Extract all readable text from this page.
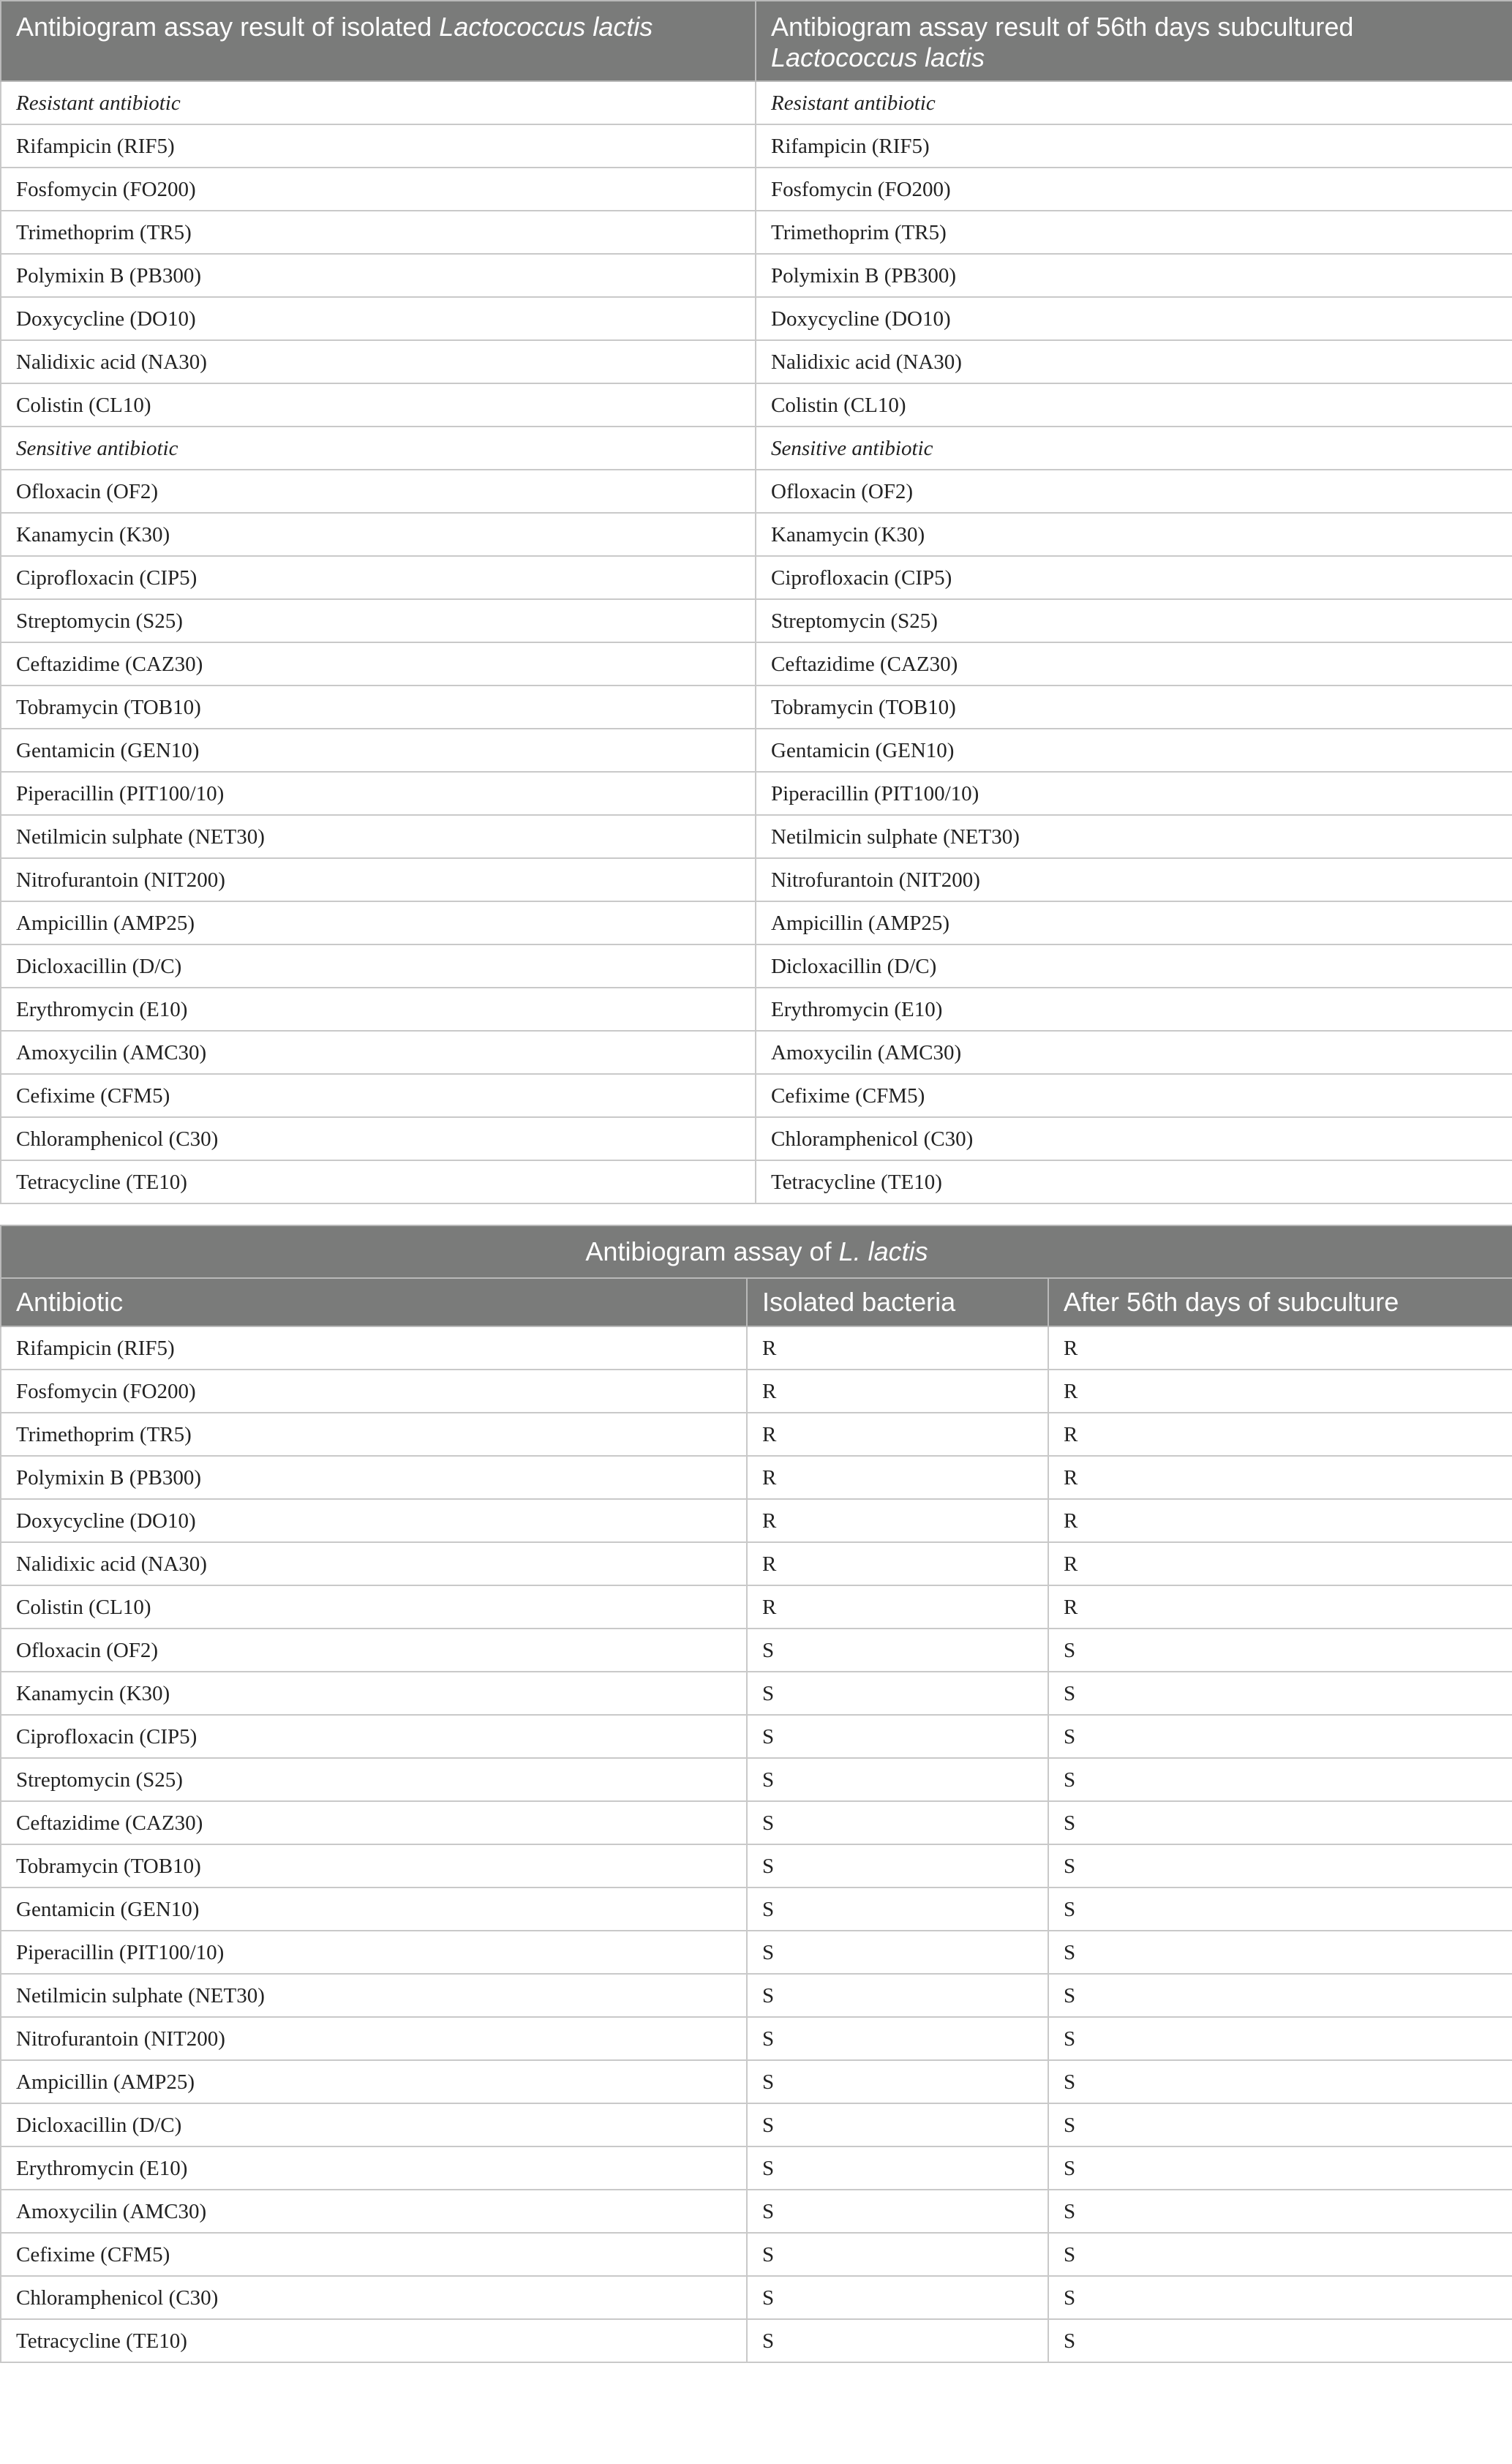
Antibiogram assay result of isolated Lactococcus lactis	Antibiogram assay result of 56th days subcultured
Lactococcus lactis
Resistant antibiotic	Resistant antibiotic
Rifampicin (RIF5)	Rifampicin (RIF5)
Fosfomycin (FO200)	Fosfomycin (FO200)
Trimethoprim (TR5)	Trimethoprim (TR5)
Polymixin B (PB300)	Polymixin B (PB300)
Doxycycline (DO10)	Doxycycline (DO10)
Nalidixic acid (NA30)	Nalidixic acid (NA30)
Colistin (CL10)	Colistin (CL10)
Sensitive antibiotic	Sensitive antibiotic
Ofloxacin (OF2)	Ofloxacin (OF2)
Kanamycin (K30)	Kanamycin (K30)
Ciprofloxacin (CIP5)	Ciprofloxacin (CIP5)
Streptomycin (S25)	Streptomycin (S25)
Ceftazidime (CAZ30)	Ceftazidime (CAZ30)
Tobramycin (TOB10)	Tobramycin (TOB10)
Gentamicin (GEN10)	Gentamicin (GEN10)
Piperacillin (PIT100/10)	Piperacillin (PIT100/10)
Netilmicin sulphate (NET30)	Netilmicin sulphate (NET30)
Nitrofurantoin (NIT200)	Nitrofurantoin (NIT200)
Ampicillin (AMP25)	Ampicillin (AMP25)
Dicloxacillin (D/C)	Dicloxacillin (D/C)
Erythromycin (E10)	Erythromycin (E10)
Amoxycilin (AMC30)	Amoxycilin (AMC30)
Cefixime (CFM5)	Cefixime (CFM5)
Chloramphenicol (C30)	Chloramphenicol (C30)
Tetracycline (TE10)	Tetracycline (TE10)
Antibiogram assay of L. lactis		
Antibiotic	Isolated bacteria	After 56th days of subculture
Rifampicin (RIF5)	R	R
Fosfomycin (FO200)	R	R
Trimethoprim (TR5)	R	R
Polymixin B (PB300)	R	R
Doxycycline (DO10)	R	R
Nalidixic acid (NA30)	R	R
Colistin (CL10)	R	R
Ofloxacin (OF2)	S	S
Kanamycin (K30)	S	S
Ciprofloxacin (CIP5)	S	S
Streptomycin (S25)	S	S
Ceftazidime (CAZ30)	S	S
Tobramycin (TOB10)	S	S
Gentamicin (GEN10)	S	S
Piperacillin (PIT100/10)	S	S
Netilmicin sulphate (NET30)	S	S
Nitrofurantoin (NIT200)	S	S
Ampicillin (AMP25)	S	S
Dicloxacillin (D/C)	S	S
Erythromycin (E10)	S	S
Amoxycilin (AMC30)	S	S
Cefixime (CFM5)	S	S
Chloramphenicol (C30)	S	S
Tetracycline (TE10)	S	S
